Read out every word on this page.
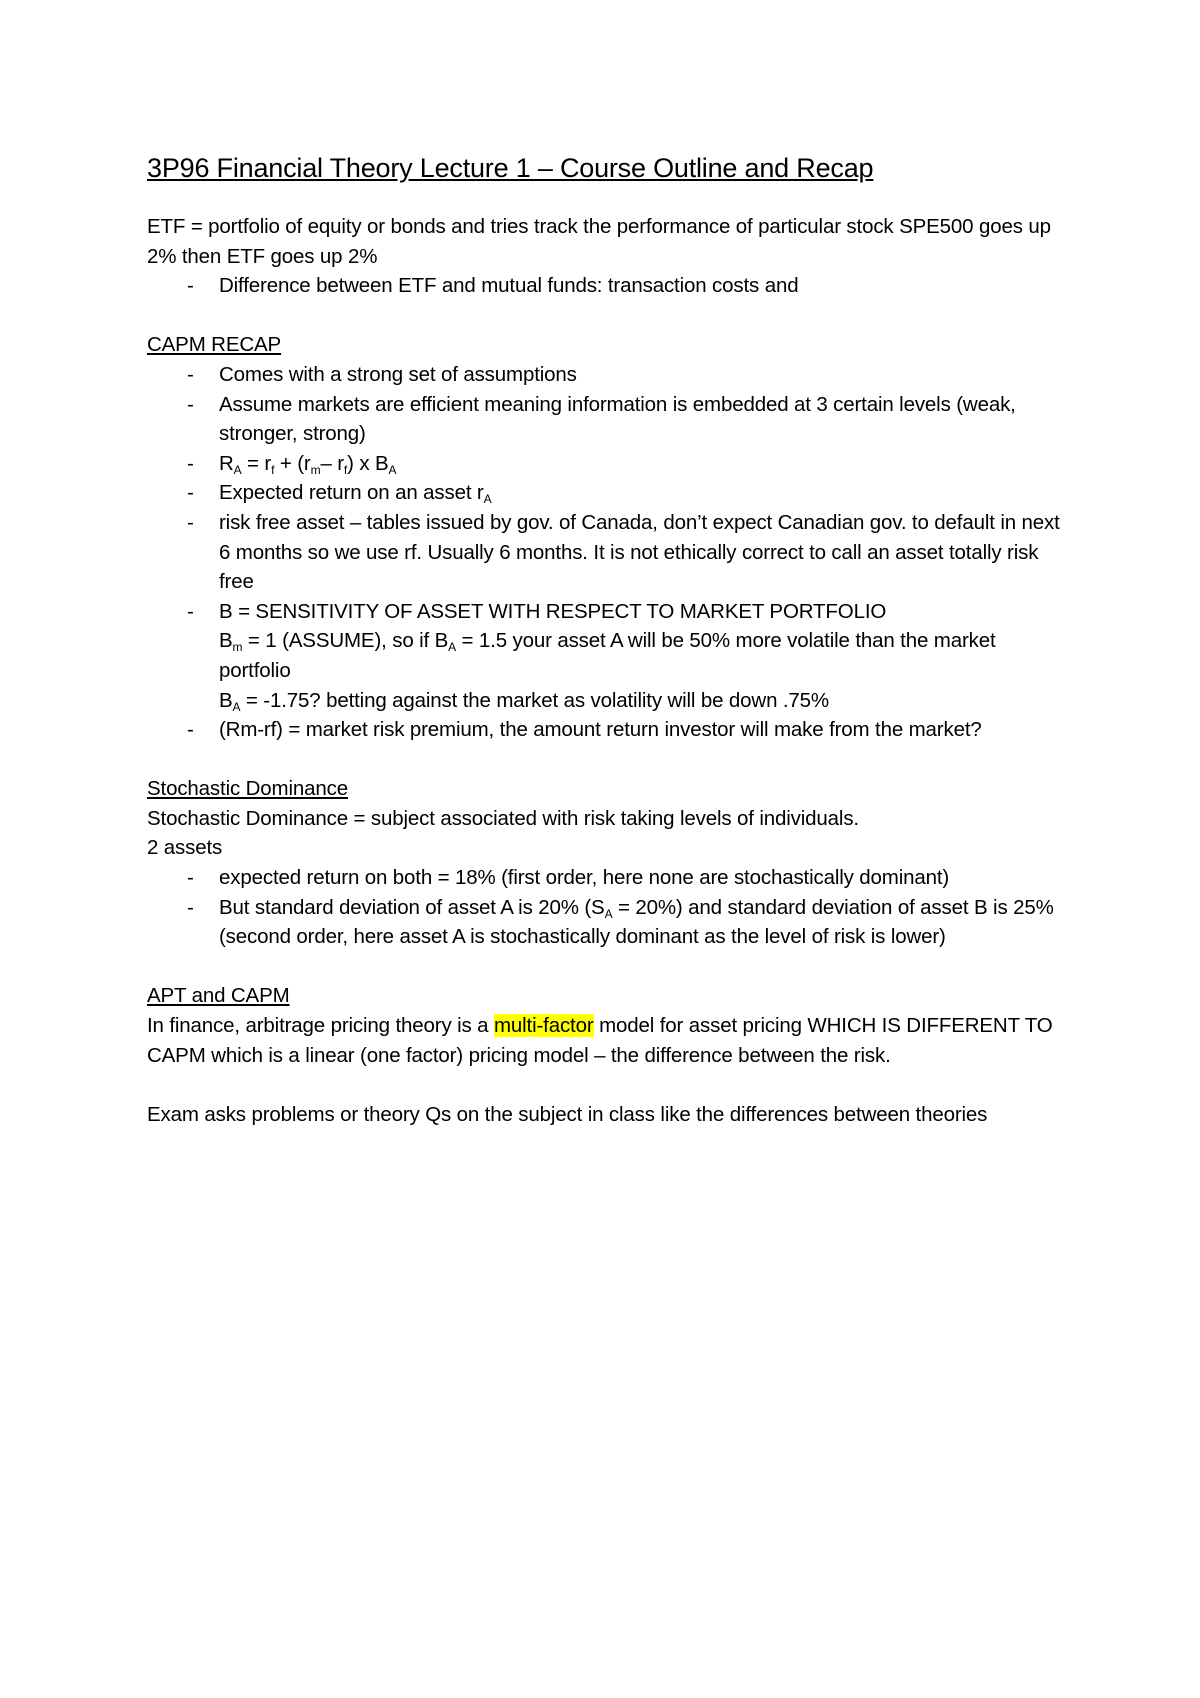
3P96 Financial Theory Lecture 1 – Course Outline and Recap

ETF = portfolio of equity or bonds and tries track the performance of particular stock SPE500 goes up 2% then ETF goes up 2%

- Difference between ETF and mutual funds: transaction costs and

CAPM RECAP

- Comes with a strong set of assumptions
- Assume markets are efficient meaning information is embedded at 3 certain levels (weak, stronger, strong)
- $R_A = r_f + (r_m-$ $r_f$) x $B_A$
- Expected return on an asset $r_A$
- risk free asset – tables issued by gov. of Canada, don’t expect Canadian gov. to default in next 6 months so we use rf. Usually 6 months. It is not ethically correct to call an asset totally risk free
- B = SENSITIVITY OF ASSET WITH RESPECT TO MARKET PORTFOLIO
$B_m = 1$ (ASSUME), so if $B_A = 1.5$ your asset A will be 50% more volatile than the market portfolio
$B_A = -1.75$? betting against the market as volatility will be down .75%
- (Rm-rf) = market risk premium, the amount return investor will make from the market?

Stochastic Dominance

Stochastic Dominance = subject associated with risk taking levels of individuals.

2 assets

- expected return on both = 18% (first order, here none are stochastically dominant)
- But standard deviation of asset A is 20% $(S_A = 20\%)$ and standard deviation of asset B is 25% (second order, here asset A is stochastically dominant as the level of risk is lower)

APT and CAPM

In finance, arbitrage pricing theory is a multi-factor model for asset pricing WHICH IS DIFFERENT TO CAPM which is a linear (one factor) pricing model – the difference between the risk.

Exam asks problems or theory Qs on the subject in class like the differences between theories
